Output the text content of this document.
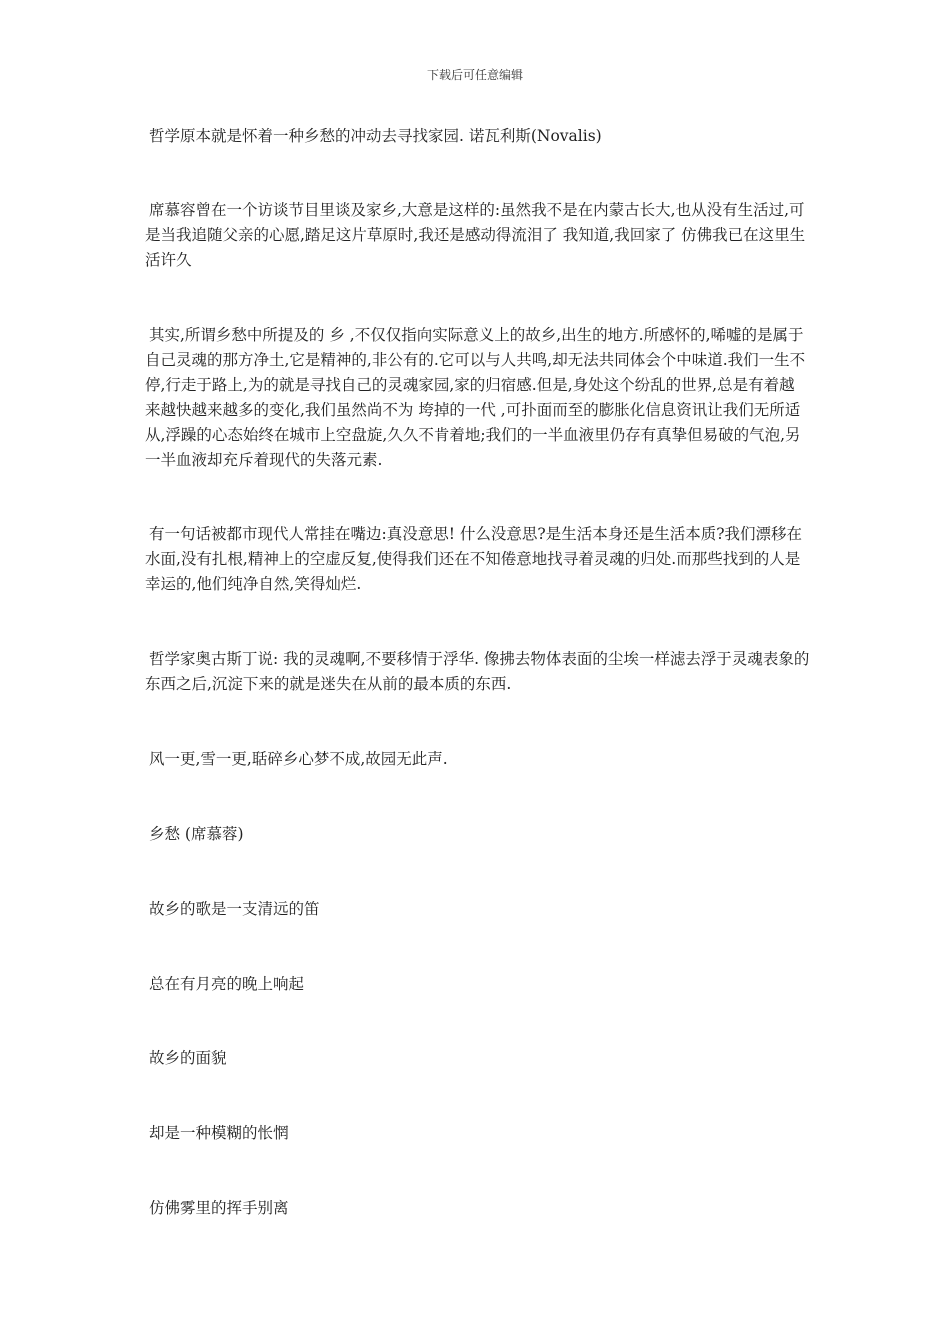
下载后可任意编辑

哲学原本就是怀着一种乡愁的冲动去寻找家园. 诺瓦利斯(Novalis)

席慕容曾在一个访谈节目里谈及家乡,大意是这样的:虽然我不是在内蒙古长大,也从没有生活过,可是当我追随父亲的心愿,踏足这片草原时,我还是感动得流泪了 我知道,我回家了 仿佛我已在这里生活许久

其实,所谓乡愁中所提及的 乡 ,不仅仅指向实际意义上的故乡,出生的地方.所感怀的,唏嘘的是属于自己灵魂的那方净土,它是精神的,非公有的.它可以与人共鸣,却无法共同体会个中味道.我们一生不停,行走于路上,为的就是寻找自己的灵魂家园,家的归宿感.但是,身处这个纷乱的世界,总是有着越来越快越来越多的变化,我们虽然尚不为 垮掉的一代 ,可扑面而至的膨胀化信息资讯让我们无所适从,浮躁的心态始终在城市上空盘旋,久久不肯着地;我们的一半血液里仍存有真挚但易破的气泡,另一半血液却充斥着现代的失落元素.

有一句话被都市现代人常挂在嘴边:真没意思! 什么没意思?是生活本身还是生活本质?我们漂移在水面,没有扎根,精神上的空虚反复,使得我们还在不知倦意地找寻着灵魂的归处.而那些找到的人是幸运的,他们纯净自然,笑得灿烂.

哲学家奥古斯丁说: 我的灵魂啊,不要移情于浮华. 像拂去物体表面的尘埃一样滤去浮于灵魂表象的东西之后,沉淀下来的就是迷失在从前的最本质的东西.

风一更,雪一更,聒碎乡心梦不成,故园无此声.

乡愁 (席慕蓉)

故乡的歌是一支清远的笛

总在有月亮的晚上响起

故乡的面貌

却是一种模糊的怅惘

仿佛雾里的挥手别离
